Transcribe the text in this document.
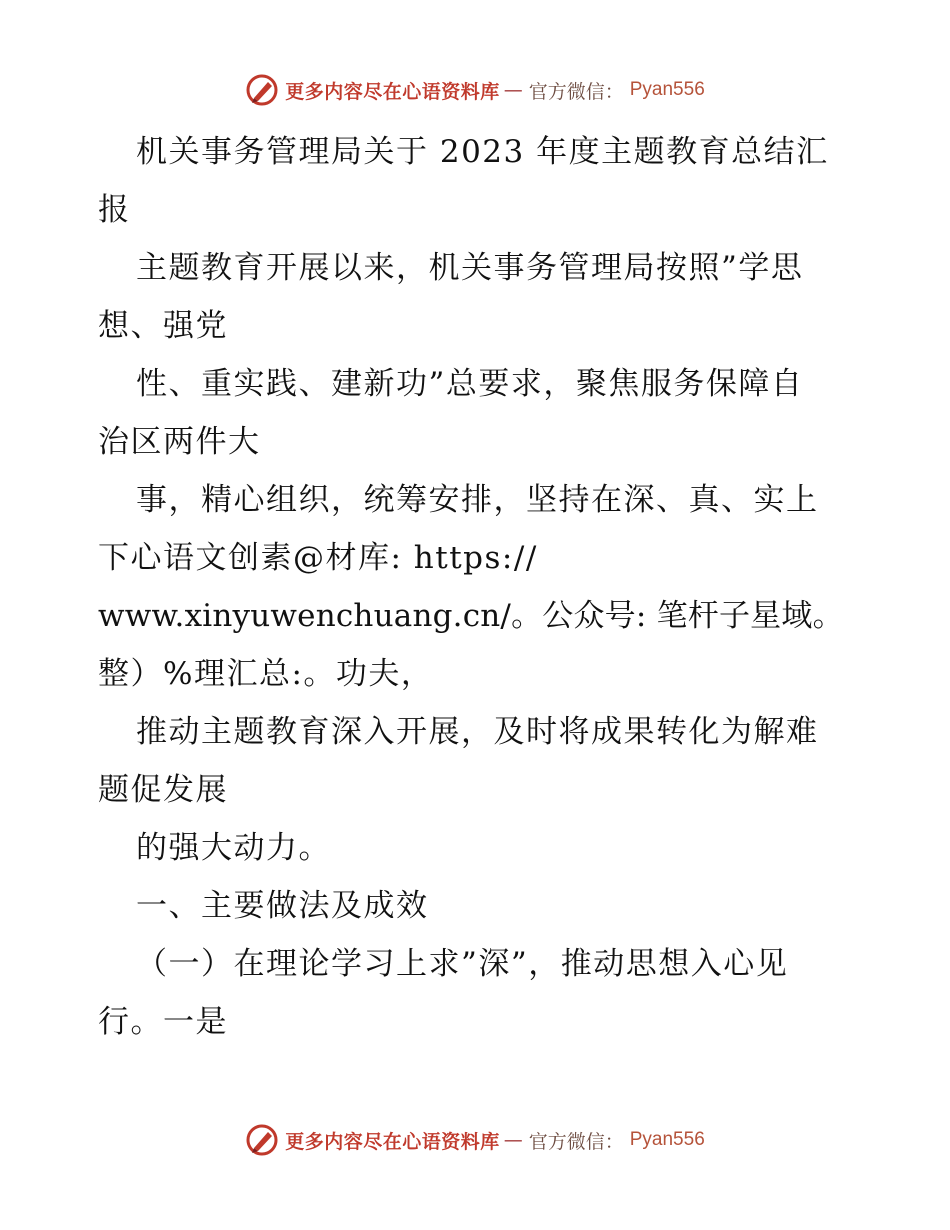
更多内容尽在心语资料库 — 官方微信： Pyan556
机关事务管理局关于 2023 年度主题教育总结汇
报
主题教育开展以来，机关事务管理局按照”学思
想、强党
性、重实践、建新功”总要求，聚焦服务保障自
治区两件大
事，精心组织，统筹安排，坚持在深、真、实上
下心语文创素@材库: https://
www.xinyuwenchuang.cn/。公众号: 笔杆子星域。
整）%理汇总:。功夫，
推动主题教育深入开展，及时将成果转化为解难
题促发展
的强大动力。
一、主要做法及成效
（一）在理论学习上求”深”，推动思想入心见
行。一是
更多内容尽在心语资料库 — 官方微信： Pyan556
